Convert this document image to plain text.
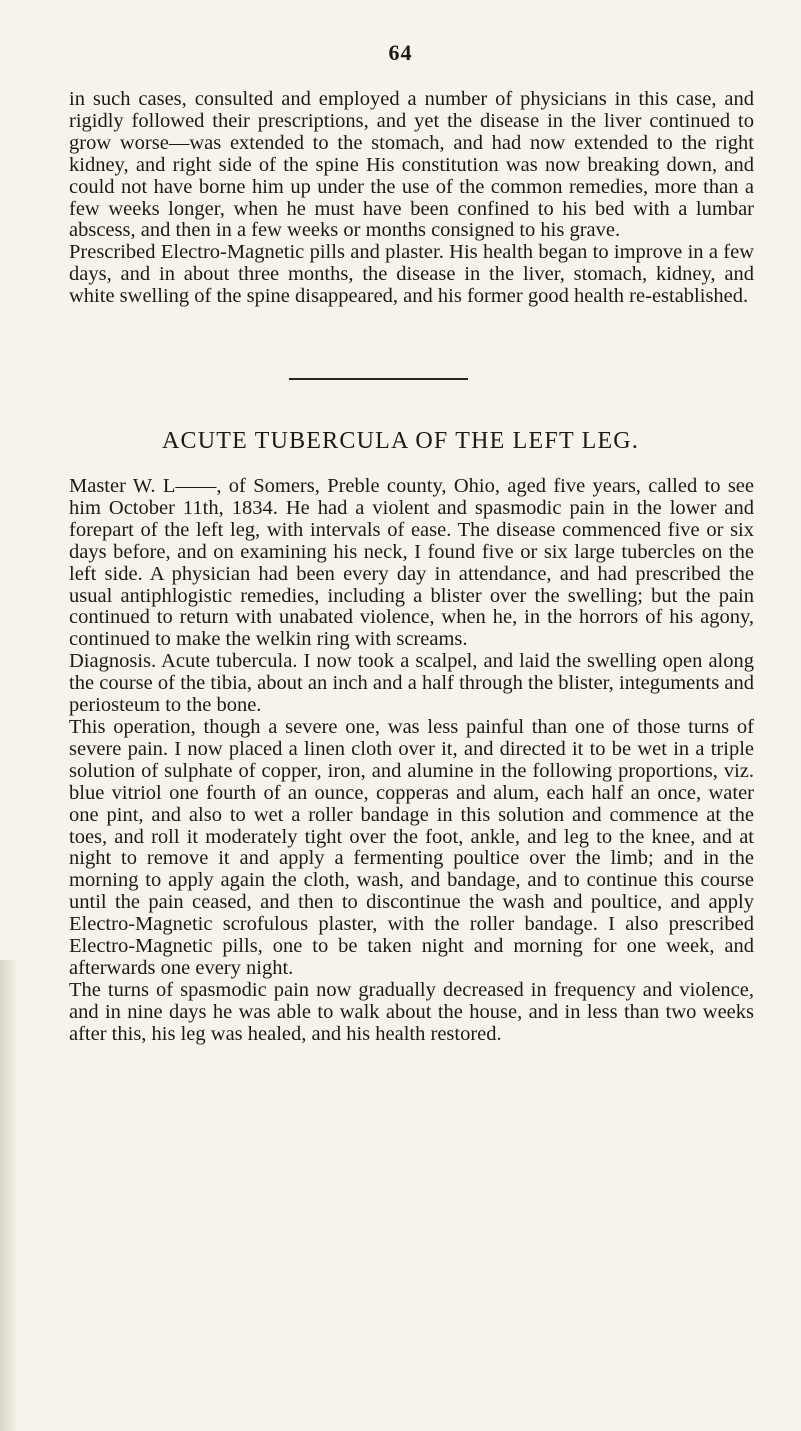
64

in such cases, consulted and employed a number of physicians in this case, and rigidly followed their prescriptions, and yet the disease in the liver continued to grow worse—was extended to the stomach, and had now extended to the right kidney, and right side of the spine His constitution was now breaking down, and could not have borne him up under the use of the common remedies, more than a few weeks longer, when he must have been confined to his bed with a lumbar abscess, and then in a few weeks or months consigned to his grave.

Prescribed Electro-Magnetic pills and plaster. His health began to improve in a few days, and in about three months, the disease in the liver, stomach, kidney, and white swelling of the spine disappeared, and his former good health re-established.

ACUTE TUBERCULA OF THE LEFT LEG.

Master W. L——, of Somers, Preble county, Ohio, aged five years, called to see him October 11th, 1834. He had a violent and spasmodic pain in the lower and forepart of the left leg, with intervals of ease. The disease commenced five or six days before, and on examining his neck, I found five or six large tubercles on the left side. A physician had been every day in attendance, and had prescribed the usual antiphlogistic remedies, including a blister over the swelling; but the pain continued to return with unabated violence, when he, in the horrors of his agony, continued to make the welkin ring with screams.

Diagnosis. Acute tubercula. I now took a scalpel, and laid the swelling open along the course of the tibia, about an inch and a half through the blister, integuments and periosteum to the bone.

This operation, though a severe one, was less painful than one of those turns of severe pain. I now placed a linen cloth over it, and directed it to be wet in a triple solution of sulphate of copper, iron, and alumine in the following proportions, viz. blue vitriol one fourth of an ounce, copperas and alum, each half an once, water one pint, and also to wet a roller bandage in this solution and commence at the toes, and roll it moderately tight over the foot, ankle, and leg to the knee, and at night to remove it and apply a fermenting poultice over the limb; and in the morning to apply again the cloth, wash, and bandage, and to continue this course until the pain ceased, and then to discontinue the wash and poultice, and apply Electro-Magnetic scrofulous plaster, with the roller bandage. I also prescribed Electro-Magnetic pills, one to be taken night and morning for one week, and afterwards one every night.

The turns of spasmodic pain now gradually decreased in frequency and violence, and in nine days he was able to walk about the house, and in less than two weeks after this, his leg was healed, and his health restored.
